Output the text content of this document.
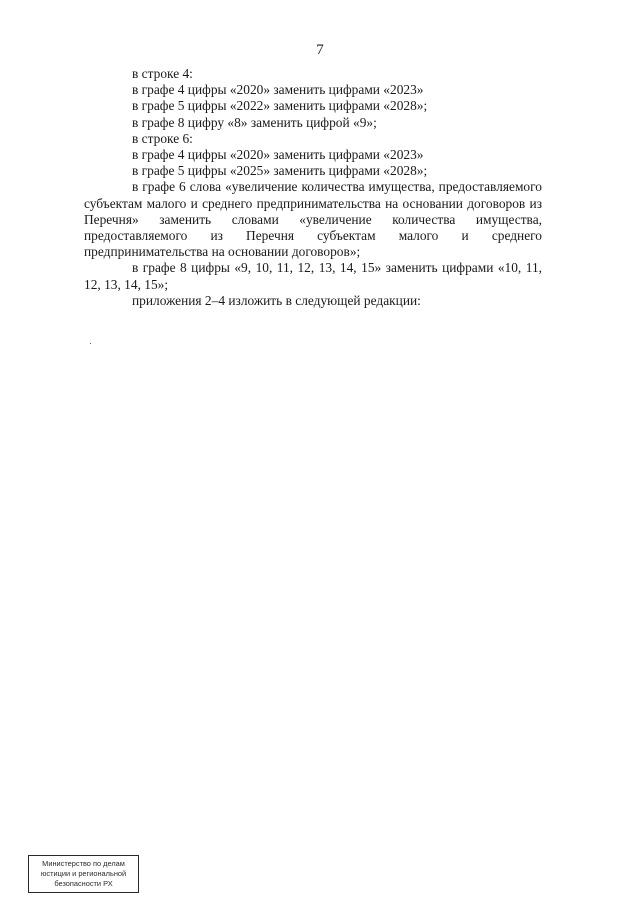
7

в строке 4:

в графе 4 цифры «2020» заменить цифрами «2023»

в графе 5 цифры «2022» заменить цифрами «2028»;

в графе 8 цифру «8» заменить цифрой «9»;

в строке 6:

в графе 4 цифры «2020» заменить цифрами «2023»

в графе 5 цифры «2025» заменить цифрами «2028»;

в графе 6 слова «увеличение количества имущества, предоставляемого субъектам малого и среднего предпринимательства на основании договоров из Перечня» заменить словами «увеличение количества имущества, предоставляемого из Перечня субъектам малого и среднего предпринимательства на основании договоров»;

в графе 8 цифры «9, 10, 11, 12, 13, 14, 15» заменить цифрами «10, 11, 12, 13, 14, 15»;

приложения 2–4 изложить в следующей редакции:

Министерство по делам
юстиции и региональной
безопасности РХ
